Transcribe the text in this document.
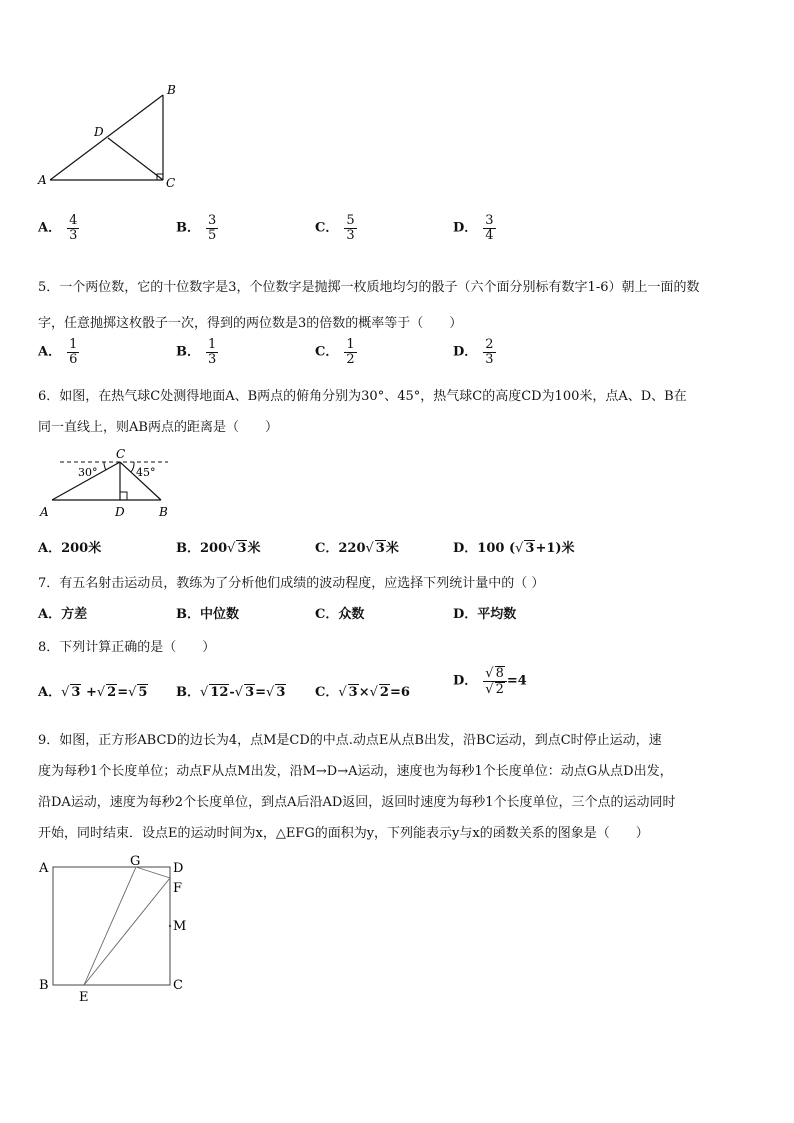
A
B
C
D
A． $\frac{4}{3}$	B． $\frac{3}{5}$	C． $\frac{5}{3}$	D． $\frac{3}{4}$
5．一个两位数，它的十位数字是3，个位数字是抛掷一枚质地均匀的骰子（六个面分别标有数字1-6）朝上一面的数
字，任意抛掷这枚骰子一次，得到的两位数是3的倍数的概率等于（　　）
A． $\frac{1}{6}$	B． $\frac{1}{3}$	C． $\frac{1}{2}$	D． $\frac{2}{3}$
6．如图，在热气球C处测得地面A、B两点的俯角分别为30°、45°，热气球C的高度CD为100米，点A、D、B在
同一直线上，则AB两点的距离是（　　）
C
30°	45°
A	D	B
A．200米	B．200√ 3米	C．220√ 3米	D．100 (√ 3+1)米
7．有五名射击运动员，教练为了分析他们成绩的波动程度，应选择下列统计量中的（ ）
A．方差	B．中位数	C．众数	D．平均数
8．下列计算正确的是（　　）
A．√ 3 +√ 2=√ 5 B．√ 12-√ 3=√ 3 C．√ 3×√ 2=6
D． $\frac{√ 8}{√ 2} =4$
9．如图，正方形ABCD的边长为4，点M是CD的中点.动点E从点B出发，沿BC运动，到点C时停止运动，速
度为每秒1个长度单位；动点F从点M出发，沿M→D→A运动，速度也为每秒1个长度单位：动点G从点D出发，
沿DA运动，速度为每秒2个长度单位，到点A后沿AD返回，返回时速度为每秒1个长度单位，三个点的运动同时
开始，同时结束．设点E的运动时间为x，△EFG的面积为y，下列能表示y与x的函数关系的图象是（　　）
A	G	D
F
M
B
E
C
